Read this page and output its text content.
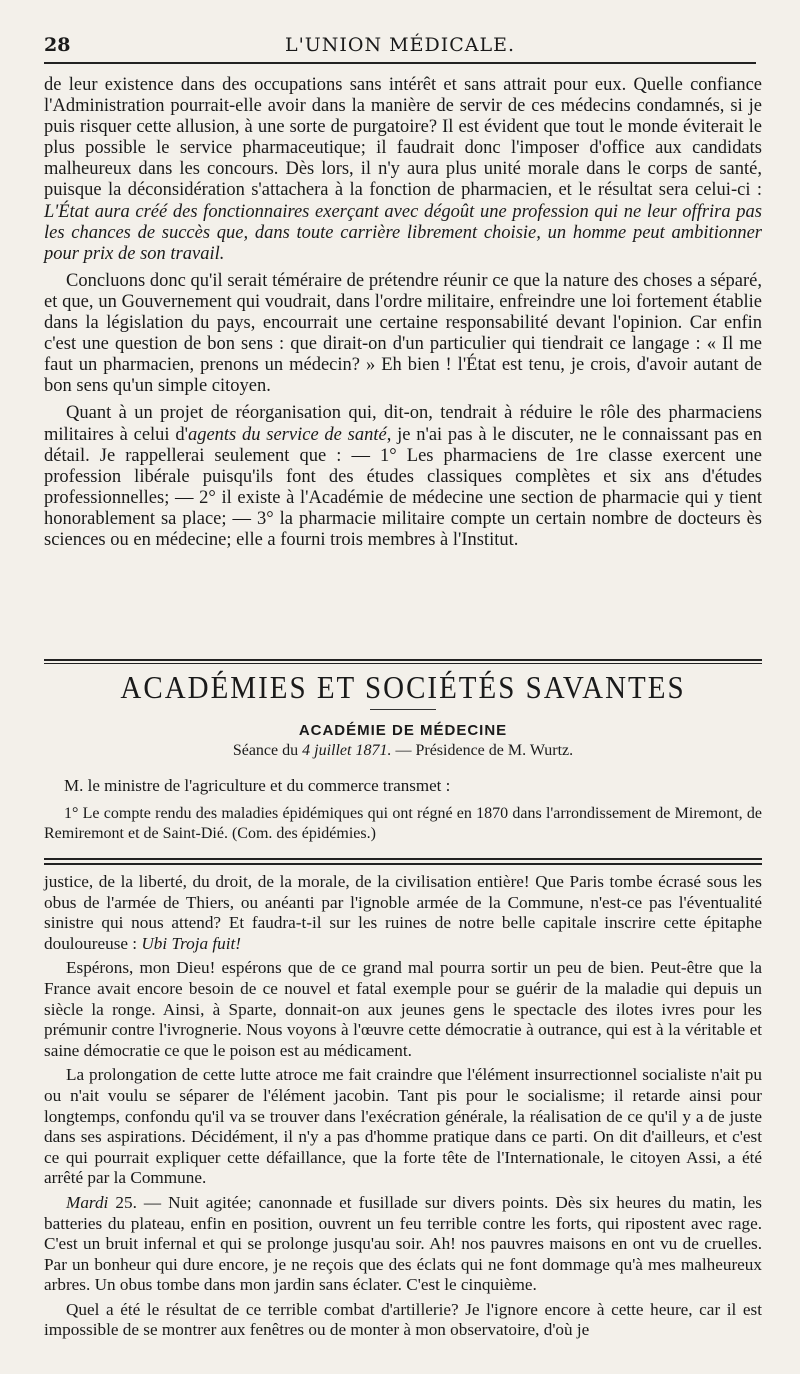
28	L'UNION MÉDICALE.

de leur existence dans des occupations sans intérêt et sans attrait pour eux. Quelle confiance l'Administration pourrait-elle avoir dans la manière de servir de ces médecins condamnés, si je puis risquer cette allusion, à une sorte de purgatoire? Il est évident que tout le monde éviterait le plus possible le service pharmaceutique; il faudrait donc l'imposer d'office aux candidats malheureux dans les concours. Dès lors, il n'y aura plus unité morale dans le corps de santé, puisque la déconsidération s'attachera à la fonction de pharmacien, et le résultat sera celui-ci : L'État aura créé des fonctionnaires exerçant avec dégoût une profession qui ne leur offrira pas les chances de succès que, dans toute carrière librement choisie, un homme peut ambitionner pour prix de son travail.

Concluons donc qu'il serait téméraire de prétendre réunir ce que la nature des choses a séparé, et que, un Gouvernement qui voudrait, dans l'ordre militaire, enfreindre une loi fortement établie dans la législation du pays, encourrait une certaine responsabilité devant l'opinion. Car enfin c'est une question de bon sens : que dirait-on d'un particulier qui tiendrait ce langage : « Il me faut un pharmacien, prenons un médecin? » Eh bien ! l'État est tenu, je crois, d'avoir autant de bon sens qu'un simple citoyen.

Quant à un projet de réorganisation qui, dit-on, tendrait à réduire le rôle des pharmaciens militaires à celui d'agents du service de santé, je n'ai pas à le discuter, ne le connaissant pas en détail. Je rappellerai seulement que : — 1° Les pharmaciens de 1re classe exercent une profession libérale puisqu'ils font des études classiques complètes et six ans d'études professionnelles; — 2° il existe à l'Académie de médecine une section de pharmacie qui y tient honorablement sa place; — 3° la pharmacie militaire compte un certain nombre de docteurs ès sciences ou en médecine; elle a fourni trois membres à l'Institut.

ACADÉMIES ET SOCIÉTÉS SAVANTES
ACADÉMIE DE MÉDECINE
Séance du 4 juillet 1871. — Présidence de M. Wurtz.

M. le ministre de l'agriculture et du commerce transmet :

1° Le compte rendu des maladies épidémiques qui ont régné en 1870 dans l'arrondissement de Miremont, de Remiremont et de Saint-Dié. (Com. des épidémies.)

justice, de la liberté, du droit, de la morale, de la civilisation entière! Que Paris tombe écrasé sous les obus de l'armée de Thiers, ou anéanti par l'ignoble armée de la Commune, n'est-ce pas l'éventualité sinistre qui nous attend? Et faudra-t-il sur les ruines de notre belle capitale inscrire cette épitaphe douloureuse : Ubi Troja fuit!

Espérons, mon Dieu! espérons que de ce grand mal pourra sortir un peu de bien. Peut-être que la France avait encore besoin de ce nouvel et fatal exemple pour se guérir de la maladie qui depuis un siècle la ronge. Ainsi, à Sparte, donnait-on aux jeunes gens le spectacle des ilotes ivres pour les prémunir contre l'ivrognerie. Nous voyons à l'œuvre cette démocratie à outrance, qui est à la véritable et saine démocratie ce que le poison est au médicament.

La prolongation de cette lutte atroce me fait craindre que l'élément insurrectionnel socialiste n'ait pu ou n'ait voulu se séparer de l'élément jacobin. Tant pis pour le socialisme; il retarde ainsi pour longtemps, confondu qu'il va se trouver dans l'exécration générale, la réalisation de ce qu'il y a de juste dans ses aspirations. Décidément, il n'y a pas d'homme pratique dans ce parti. On dit d'ailleurs, et c'est ce qui pourrait expliquer cette défaillance, que la forte tête de l'Internationale, le citoyen Assi, a été arrêté par la Commune.

Mardi 25. — Nuit agitée; canonnade et fusillade sur divers points. Dès six heures du matin, les batteries du plateau, enfin en position, ouvrent un feu terrible contre les forts, qui ripostent avec rage. C'est un bruit infernal et qui se prolonge jusqu'au soir. Ah! nos pauvres maisons en ont vu de cruelles. Par un bonheur qui dure encore, je ne reçois que des éclats qui ne font dommage qu'à mes malheureux arbres. Un obus tombe dans mon jardin sans éclater. C'est le cinquième.

Quel a été le résultat de ce terrible combat d'artillerie? Je l'ignore encore à cette heure, car il est impossible de se montrer aux fenêtres ou de monter à mon observatoire, d'où je
